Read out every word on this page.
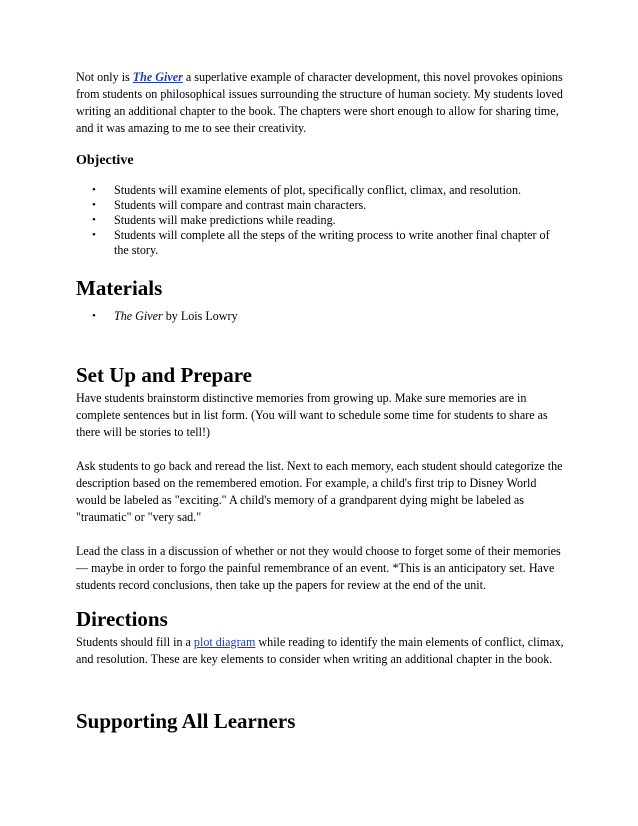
Not only is The Giver a superlative example of character development, this novel provokes opinions from students on philosophical issues surrounding the structure of human society. My students loved writing an additional chapter to the book. The chapters were short enough to allow for sharing time, and it was amazing to me to see their creativity.

Objective
• Students will examine elements of plot, specifically conflict, climax, and resolution.
• Students will compare and contrast main characters.
• Students will make predictions while reading.
• Students will complete all the steps of the writing process to write another final chapter of the story.
Materials
• The Giver by Lois Lowry
Set Up and Prepare

Have students brainstorm distinctive memories from growing up. Make sure memories are in complete sentences but in list form. (You will want to schedule some time for students to share as there will be stories to tell!)

Ask students to go back and reread the list. Next to each memory, each student should categorize the description based on the remembered emotion. For example, a child's first trip to Disney World would be labeled as "exciting." A child's memory of a grandparent dying might be labeled as "traumatic" or "very sad."

Lead the class in a discussion of whether or not they would choose to forget some of their memories — maybe in order to forgo the painful remembrance of an event. *This is an anticipatory set. Have students record conclusions, then take up the papers for review at the end of the unit.

Directions

Students should fill in a plot diagram while reading to identify the main elements of conflict, climax, and resolution. These are key elements to consider when writing an additional chapter in the book.

Supporting All Learners
